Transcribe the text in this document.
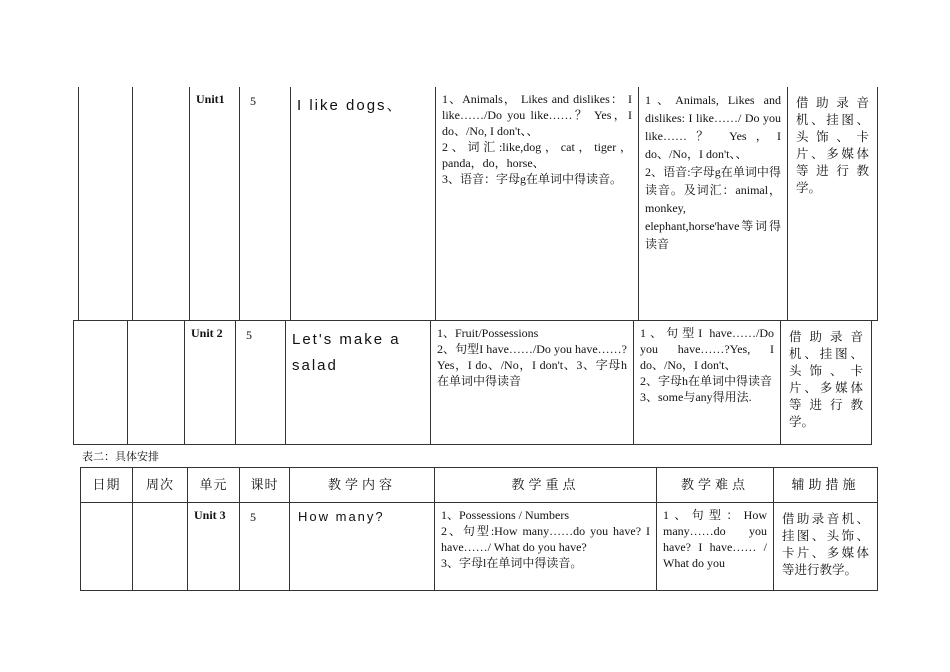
		Unit1	5	I like dogs、	1、Animals， Likes and dislikes： I like……/Do you like……？ Yes，I do、/No, I don't、、
2、词汇:like,dog，cat，tiger，panda，do，horse、
3、语音：字母g在单词中得读音。

1、Animals, Likes and dislikes: I like……/ Do you like……？ Yes，I do、/No，I don't、、
2、语音:字母g在单词中得读音。及词汇：animal，monkey, elephant,horse'have等词得读音
	借助录音机、挂图、头饰、卡片、多媒体等进行教学。
		Unit 2	5	Let's make a salad	
1、Fruit/Possessions
2、句型I have……/Do you have……?Yes，I do、/No，I don't、3、字母h在单词中得读音

1、句型I have……/Do you have……?Yes, I do、/No，I don't、
2、字母h在单词中得读音
3、some与any得用法.
	借助录音机、挂图、头饰、卡片、多媒体等进行教学。
表二：具体安排
日期	周次	单元	课时	教学内容	教学重点	教学难点	辅助措施
		Unit 3	5	How many?	1、Possessions / Numbers
2、句型:How many……do you have? I have……/ What do you have?
3、字母l在单词中得读音。	1、句型：How many……do you have? I have…… / What do you	借助录音机、挂图、头饰、卡片、多媒体等进行教学。
